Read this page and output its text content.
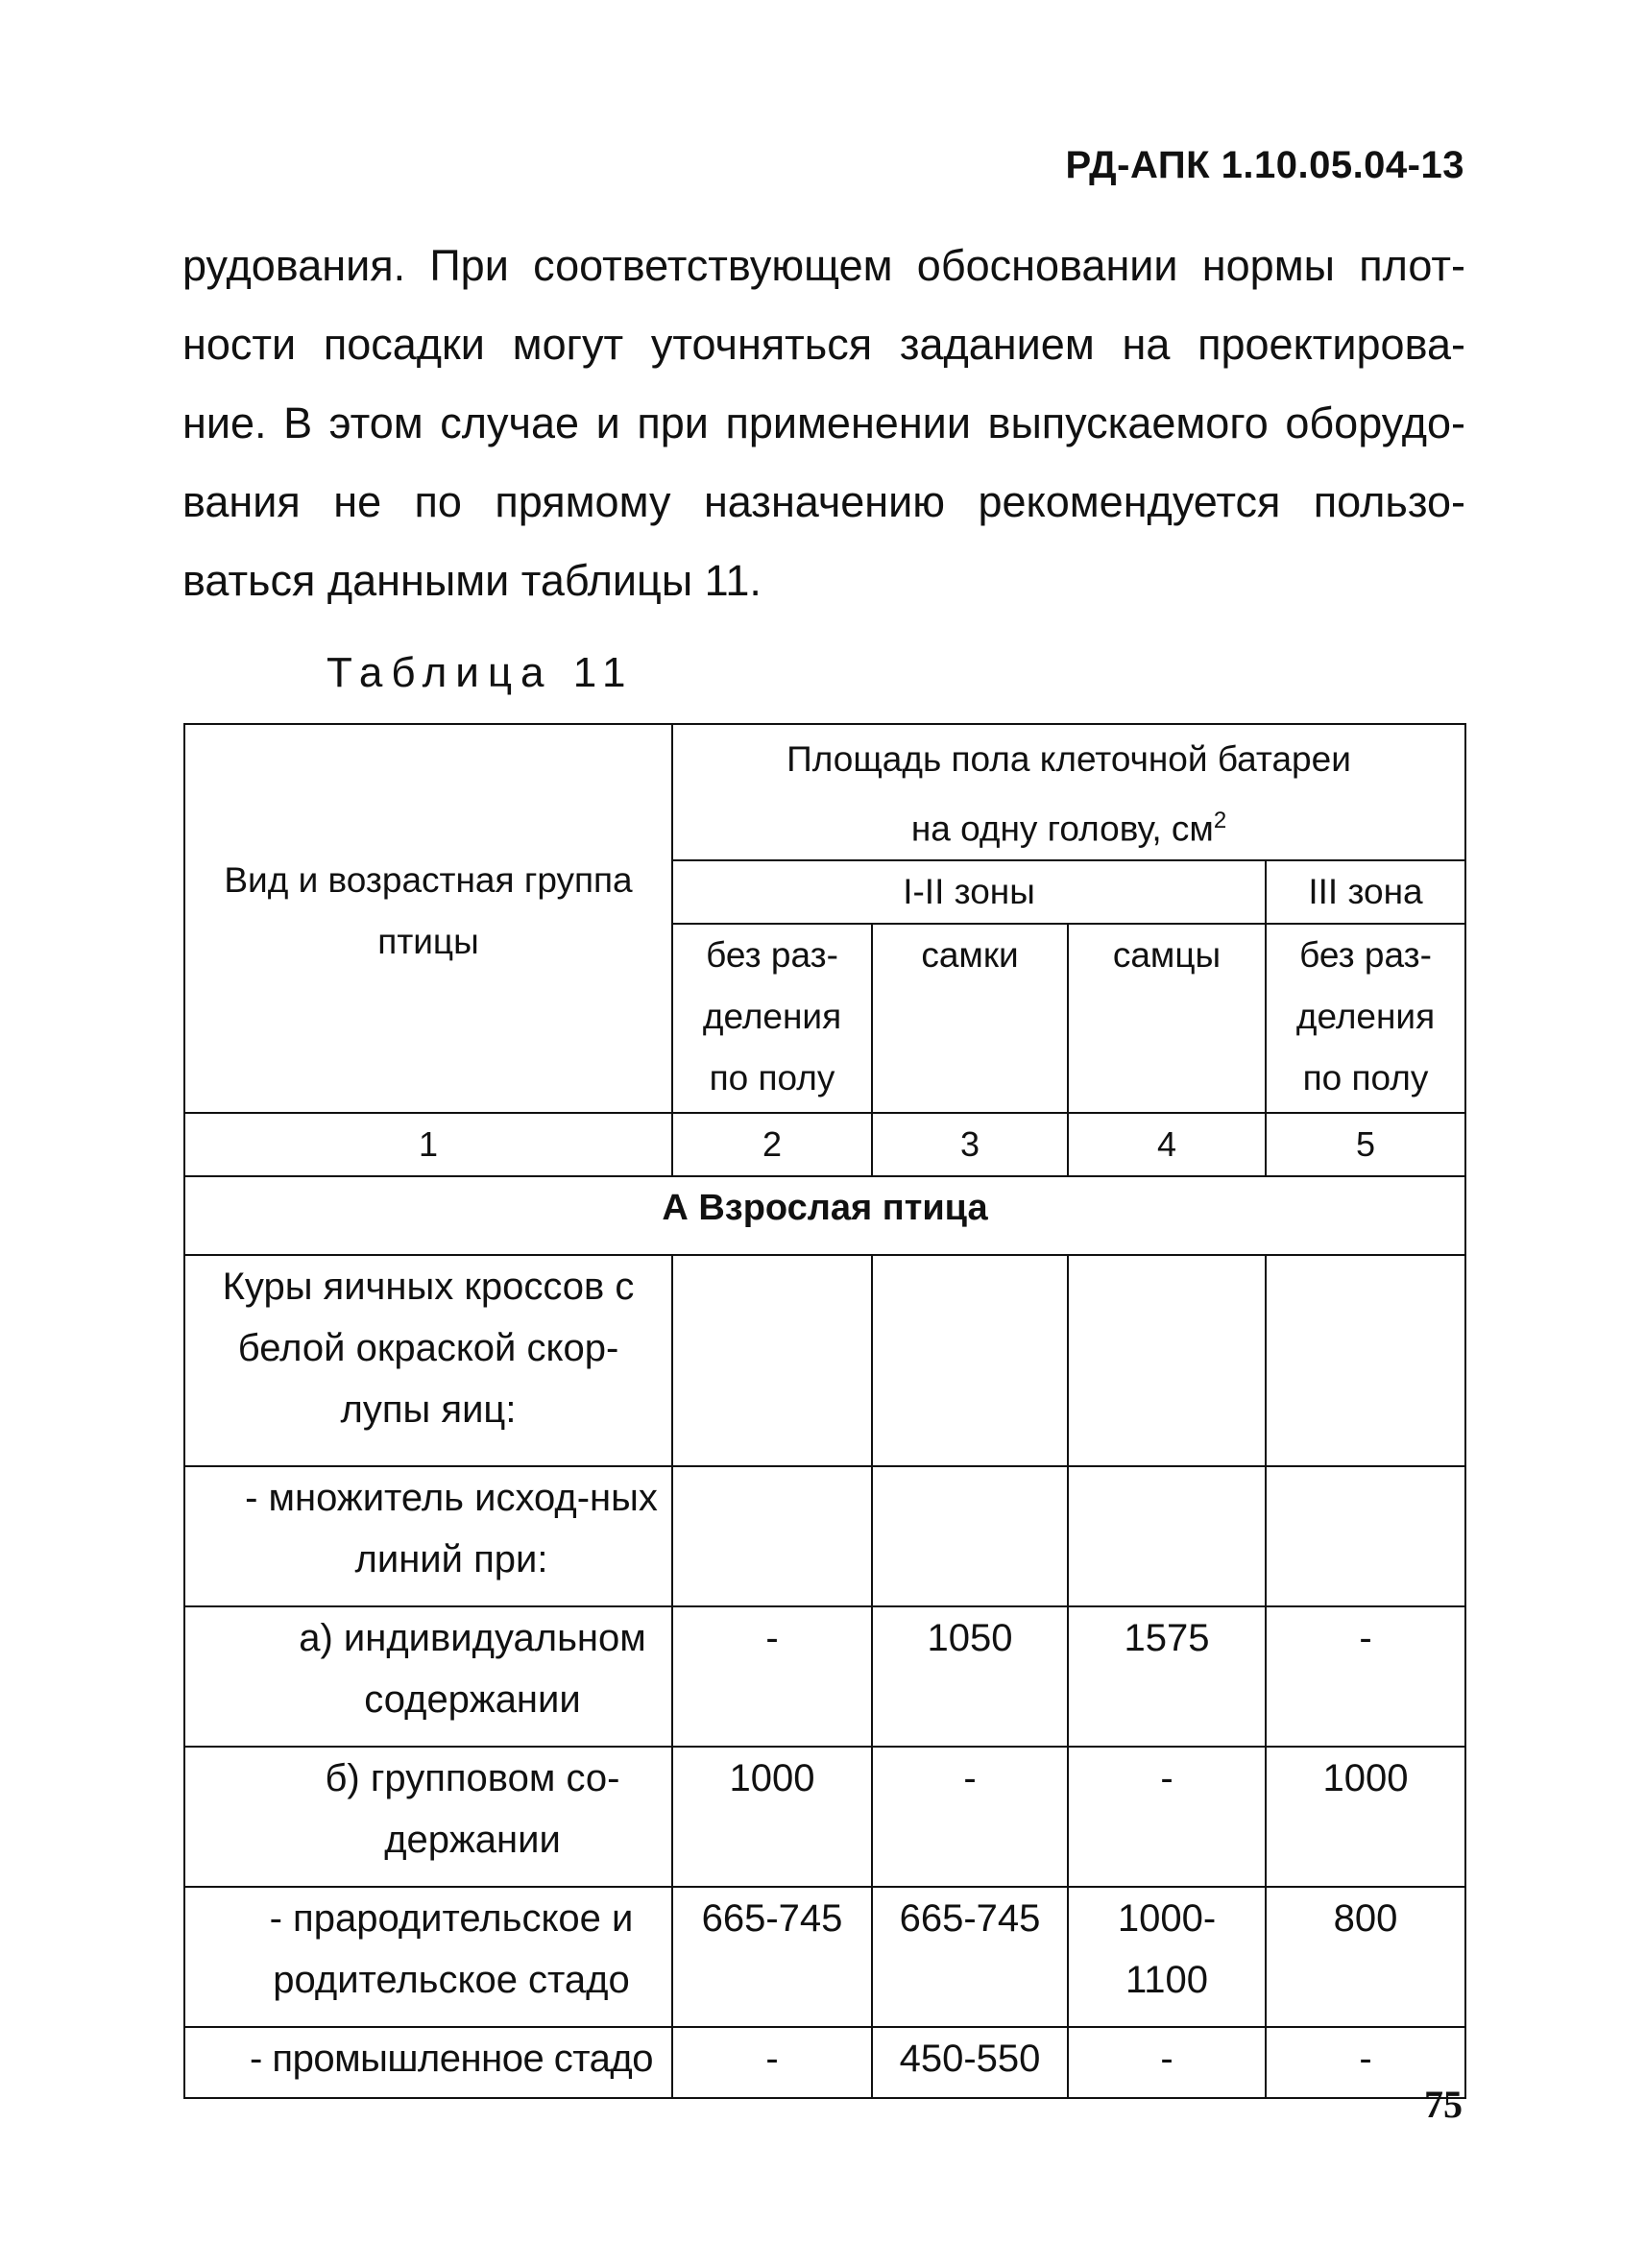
РД-АПК 1.10.05.04-13
рудования. При соответствующем обосновании нормы плот-
ности посадки могут уточняться заданием на проектирова-
ние. В этом случае и при применении выпускаемого оборудо-
вания не по прямому назначению рекомендуется пользо-
ваться данными таблицы 11.
Таблица 11
Вид и возрастная группа птицы	Площадь пола клеточной батареи
на одну голову, $см^2$

	I-II зоны			III зона
	без раз-деления по полу	самки	самцы	без раз-деления по полу
1	2	3	4	5
А Взрослая птица				
Куры яичных кроссов с белой окраской скор-лупы яиц:				
- множитель исход-ных линий при:				

а) индивидуальном содержании	-	1050	1575	-

б) групповом со-держании	1000	-	-	1000
- прародительское и родительское стадо	665-745	665-745	1000-1100	800
- промышленное стадо	-	450-550	-	-
75
